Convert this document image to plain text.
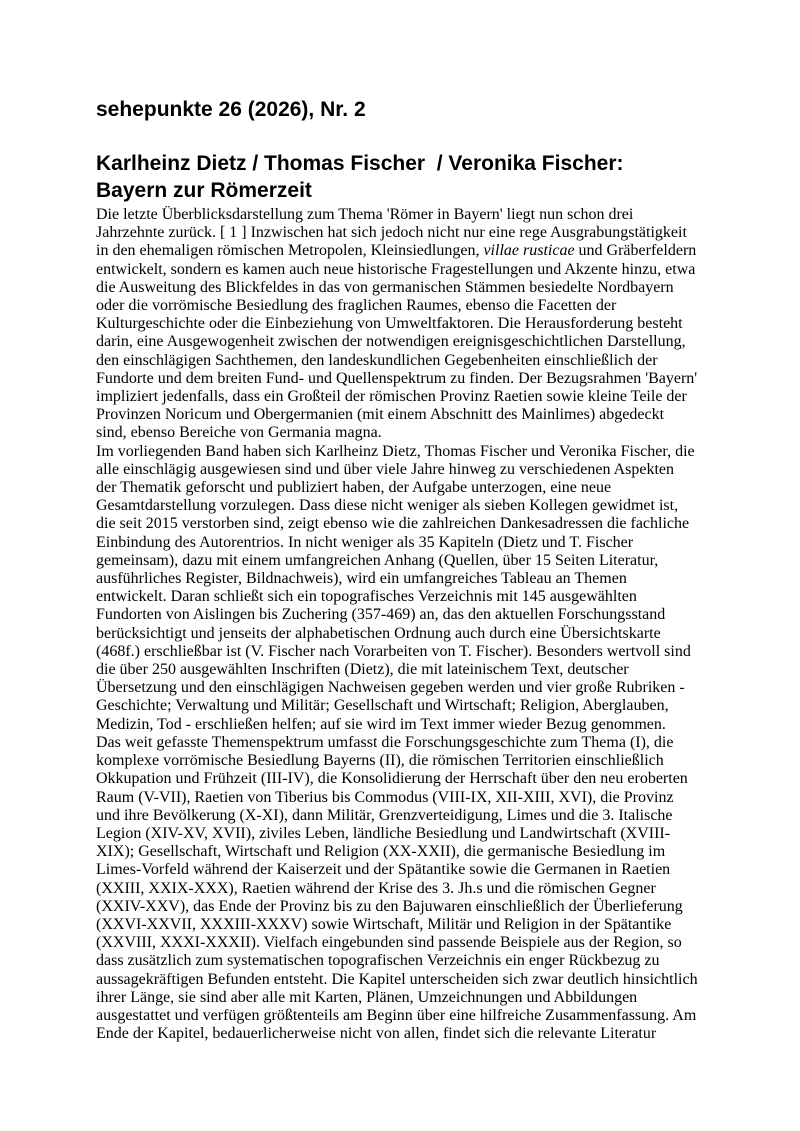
sehepunkte 26 (2026), Nr. 2
Karlheinz Dietz / Thomas Fischer  / Veronika Fischer:
Bayern zur Römerzeit

Die letzte Überblicksdarstellung zum Thema 'Römer in Bayern' liegt nun schon drei
Jahrzehnte zurück. [ 1 ] Inzwischen hat sich jedoch nicht nur eine rege Ausgrabungstätigkeit
in den ehemaligen römischen Metropolen, Kleinsiedlungen, villae rusticae und Gräberfeldern
entwickelt, sondern es kamen auch neue historische Fragestellungen und Akzente hinzu, etwa
die Ausweitung des Blickfeldes in das von germanischen Stämmen besiedelte Nordbayern
oder die vorrömische Besiedlung des fraglichen Raumes, ebenso die Facetten der
Kulturgeschichte oder die Einbeziehung von Umweltfaktoren. Die Herausforderung besteht
darin, eine Ausgewogenheit zwischen der notwendigen ereignisgeschichtlichen Darstellung,
den einschlägigen Sachthemen, den landeskundlichen Gegebenheiten einschließlich der
Fundorte und dem breiten Fund- und Quellenspektrum zu finden. Der Bezugsrahmen 'Bayern'
impliziert jedenfalls, dass ein Großteil der römischen Provinz Raetien sowie kleine Teile der
Provinzen Noricum und Obergermanien (mit einem Abschnitt des Mainlimes) abgedeckt
sind, ebenso Bereiche von Germania magna.

Im vorliegenden Band haben sich Karlheinz Dietz, Thomas Fischer und Veronika Fischer, die
alle einschlägig ausgewiesen sind und über viele Jahre hinweg zu verschiedenen Aspekten
der Thematik geforscht und publiziert haben, der Aufgabe unterzogen, eine neue
Gesamtdarstellung vorzulegen. Dass diese nicht weniger als sieben Kollegen gewidmet ist,
die seit 2015 verstorben sind, zeigt ebenso wie die zahlreichen Dankesadressen die fachliche
Einbindung des Autorentrios. In nicht weniger als 35 Kapiteln (Dietz und T. Fischer
gemeinsam), dazu mit einem umfangreichen Anhang (Quellen, über 15 Seiten Literatur,
ausführliches Register, Bildnachweis), wird ein umfangreiches Tableau an Themen
entwickelt. Daran schließt sich ein topografisches Verzeichnis mit 145 ausgewählten
Fundorten von Aislingen bis Zuchering (357-469) an, das den aktuellen Forschungsstand
berücksichtigt und jenseits der alphabetischen Ordnung auch durch eine Übersichtskarte
(468f.) erschließbar ist (V. Fischer nach Vorarbeiten von T. Fischer). Besonders wertvoll sind
die über 250 ausgewählten Inschriften (Dietz), die mit lateinischem Text, deutscher
Übersetzung und den einschlägigen Nachweisen gegeben werden und vier große Rubriken -
Geschichte; Verwaltung und Militär; Gesellschaft und Wirtschaft; Religion, Aberglauben,
Medizin, Tod - erschließen helfen; auf sie wird im Text immer wieder Bezug genommen.

Das weit gefasste Themenspektrum umfasst die Forschungsgeschichte zum Thema (I), die
komplexe vorrömische Besiedlung Bayerns (II), die römischen Territorien einschließlich
Okkupation und Frühzeit (III-IV), die Konsolidierung der Herrschaft über den neu eroberten
Raum (V-VII), Raetien von Tiberius bis Commodus (VIII-IX, XII-XIII, XVI), die Provinz
und ihre Bevölkerung (X-XI), dann Militär, Grenzverteidigung, Limes und die 3. Italische
Legion (XIV-XV, XVII), ziviles Leben, ländliche Besiedlung und Landwirtschaft (XVIII-
XIX); Gesellschaft, Wirtschaft und Religion (XX-XXII), die germanische Besiedlung im
Limes-Vorfeld während der Kaiserzeit und der Spätantike sowie die Germanen in Raetien
(XXIII, XXIX-XXX), Raetien während der Krise des 3. Jh.s und die römischen Gegner
(XXIV-XXV), das Ende der Provinz bis zu den Bajuwaren einschließlich der Überlieferung
(XXVI-XXVII, XXXIII-XXXV) sowie Wirtschaft, Militär und Religion in der Spätantike
(XXVIII, XXXI-XXXII). Vielfach eingebunden sind passende Beispiele aus der Region, so
dass zusätzlich zum systematischen topografischen Verzeichnis ein enger Rückbezug zu
aussagekräftigen Befunden entsteht. Die Kapitel unterscheiden sich zwar deutlich hinsichtlich
ihrer Länge, sie sind aber alle mit Karten, Plänen, Umzeichnungen und Abbildungen
ausgestattet und verfügen größtenteils am Beginn über eine hilfreiche Zusammenfassung. Am
Ende der Kapitel, bedauerlicherweise nicht von allen, findet sich die relevante Literatur
